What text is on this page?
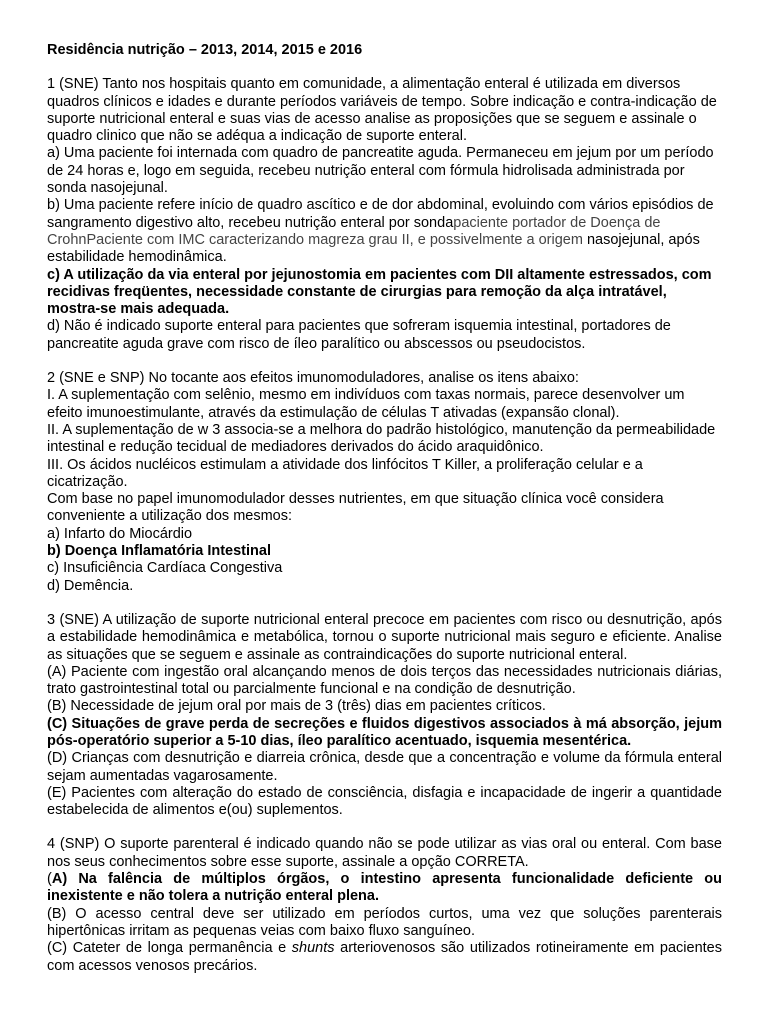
Residência nutrição – 2013, 2014, 2015 e 2016

1 (SNE) Tanto nos hospitais quanto em comunidade, a alimentação enteral é utilizada em diversos quadros clínicos e idades e durante períodos variáveis de tempo. Sobre indicação e contra-indicação de suporte nutricional enteral e suas vias de acesso analise as proposições que se seguem e assinale o quadro clinico que não se adéqua a indicação de suporte enteral.

a) Uma paciente foi internada com quadro de pancreatite aguda. Permaneceu em jejum por um período de 24 horas e, logo em seguida, recebeu nutrição enteral com fórmula hidrolisada administrada por sonda nasojejunal.

b) Uma paciente refere início de quadro ascítico e de dor abdominal, evoluindo com vários episódios de sangramento digestivo alto, recebeu nutrição enteral por sondapaciente portador de Doença de CrohnPaciente com IMC caracterizando magreza grau II, e possivelmente a origem nasojejunal, após estabilidade hemodinâmica.

c) A utilização da via enteral por jejunostomia em pacientes com DII altamente estressados, com recidivas freqüentes, necessidade constante de cirurgias para remoção da alça intratável, mostra-se mais adequada.

d) Não é indicado suporte enteral para pacientes que sofreram isquemia intestinal, portadores de pancreatite aguda grave com risco de íleo paralítico ou abscessos ou pseudocistos.

2 (SNE e SNP) No tocante aos efeitos imunomoduladores, analise os itens abaixo:

I. A suplementação com selênio, mesmo em indivíduos com taxas normais, parece desenvolver um efeito imunoestimulante, através da estimulação de células T ativadas (expansão clonal).

II. A suplementação de w 3 associa-se a melhora do padrão histológico, manutenção da permeabilidade intestinal e redução tecidual de mediadores derivados do ácido araquidônico.

III. Os ácidos nucléicos estimulam a atividade dos linfócitos T Killer, a proliferação celular e a cicatrização.

Com base no papel imunomodulador desses nutrientes, em que situação clínica você considera conveniente a utilização dos mesmos:

a) Infarto do Miocárdio

b) Doença Inflamatória Intestinal

c) Insuficiência Cardíaca Congestiva

d) Demência.

3 (SNE) A utilização de suporte nutricional enteral precoce em pacientes com risco ou desnutrição, após a estabilidade hemodinâmica e metabólica, tornou o suporte nutricional mais seguro e eficiente. Analise as situações que se seguem e assinale as contraindicações do suporte nutricional enteral.

(A) Paciente com ingestão oral alcançando menos de dois terços das necessidades nutricionais diárias, trato gastrointestinal total ou parcialmente funcional e na condição de desnutrição.

(B) Necessidade de jejum oral por mais de 3 (três) dias em pacientes críticos.

(C) Situações de grave perda de secreções e fluidos digestivos associados à má absorção, jejum pós-operatório superior a 5-10 dias, íleo paralítico acentuado, isquemia mesentérica.

(D) Crianças com desnutrição e diarreia crônica, desde que a concentração e volume da fórmula enteral sejam aumentadas vagarosamente.

(E) Pacientes com alteração do estado de consciência, disfagia e incapacidade de ingerir a quantidade estabelecida de alimentos e(ou) suplementos.

4 (SNP) O suporte parenteral é indicado quando não se pode utilizar as vias oral ou enteral. Com base nos seus conhecimentos sobre esse suporte, assinale a opção CORRETA.

(A) Na falência de múltiplos órgãos, o intestino apresenta funcionalidade deficiente ou inexistente e não tolera a nutrição enteral plena.

(B) O acesso central deve ser utilizado em períodos curtos, uma vez que soluções parenterais hipertônicas irritam as pequenas veias com baixo fluxo sanguíneo.

(C) Cateter de longa permanência e shunts arteriovenosos são utilizados rotineiramente em pacientes com acessos venosos precários.
